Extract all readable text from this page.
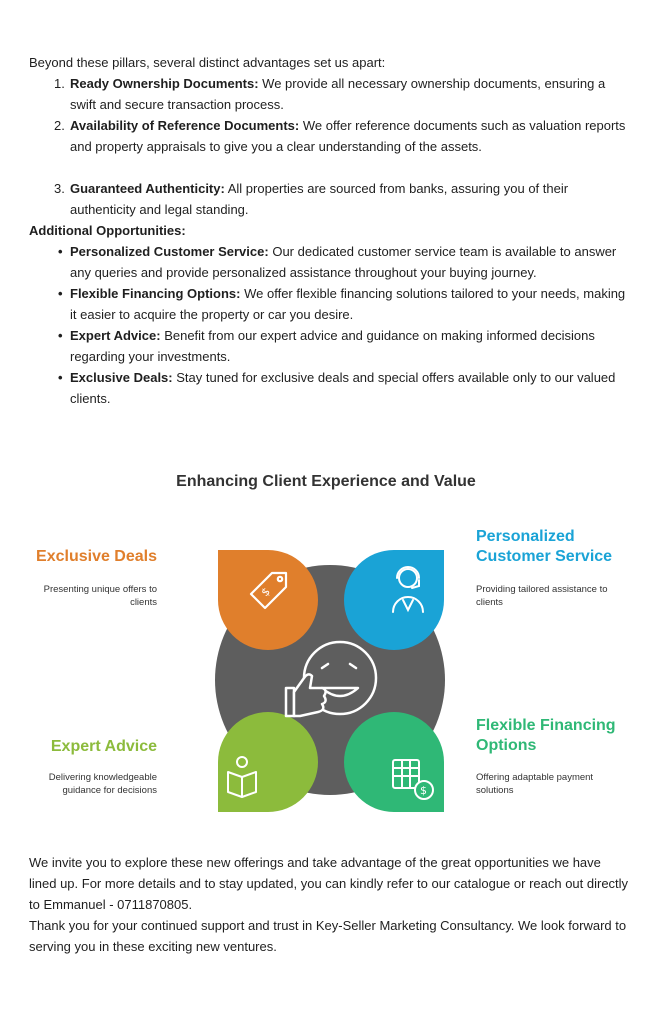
Beyond these pillars, several distinct advantages set us apart:

1. Ready Ownership Documents: We provide all necessary ownership documents, ensuring a swift and secure transaction process.
2. Availability of Reference Documents: We offer reference documents such as valuation reports and property appraisals to give you a clear understanding of the assets.
3. Guaranteed Authenticity: All properties are sourced from banks, assuring you of their authenticity and legal standing.

Additional Opportunities:

• Personalized Customer Service: Our dedicated customer service team is available to answer any queries and provide personalized assistance throughout your buying journey.
• Flexible Financing Options: We offer flexible financing solutions tailored to your needs, making it easier to acquire the property or car you desire.
• Expert Advice: Benefit from our expert advice and guidance on making informed decisions regarding your investments.
• Exclusive Deals: Stay tuned for exclusive deals and special offers available only to our valued clients.
Enhancing Client Experience and Value
Exclusive Deals
Presenting unique offers to clients
Personalized Customer Service
Providing tailored assistance to clients
Expert Advice
Delivering knowledgeable guidance for decisions
Flexible Financing Options
Offering adaptable payment solutions
$
$

We invite you to explore these new offerings and take advantage of the great opportunities we have lined up. For more details and to stay updated, you can kindly refer to our catalogue or reach out directly to Emmanuel - 0711870805.

Thank you for your continued support and trust in Key-Seller Marketing Consultancy. We look forward to serving you in these exciting new ventures.
